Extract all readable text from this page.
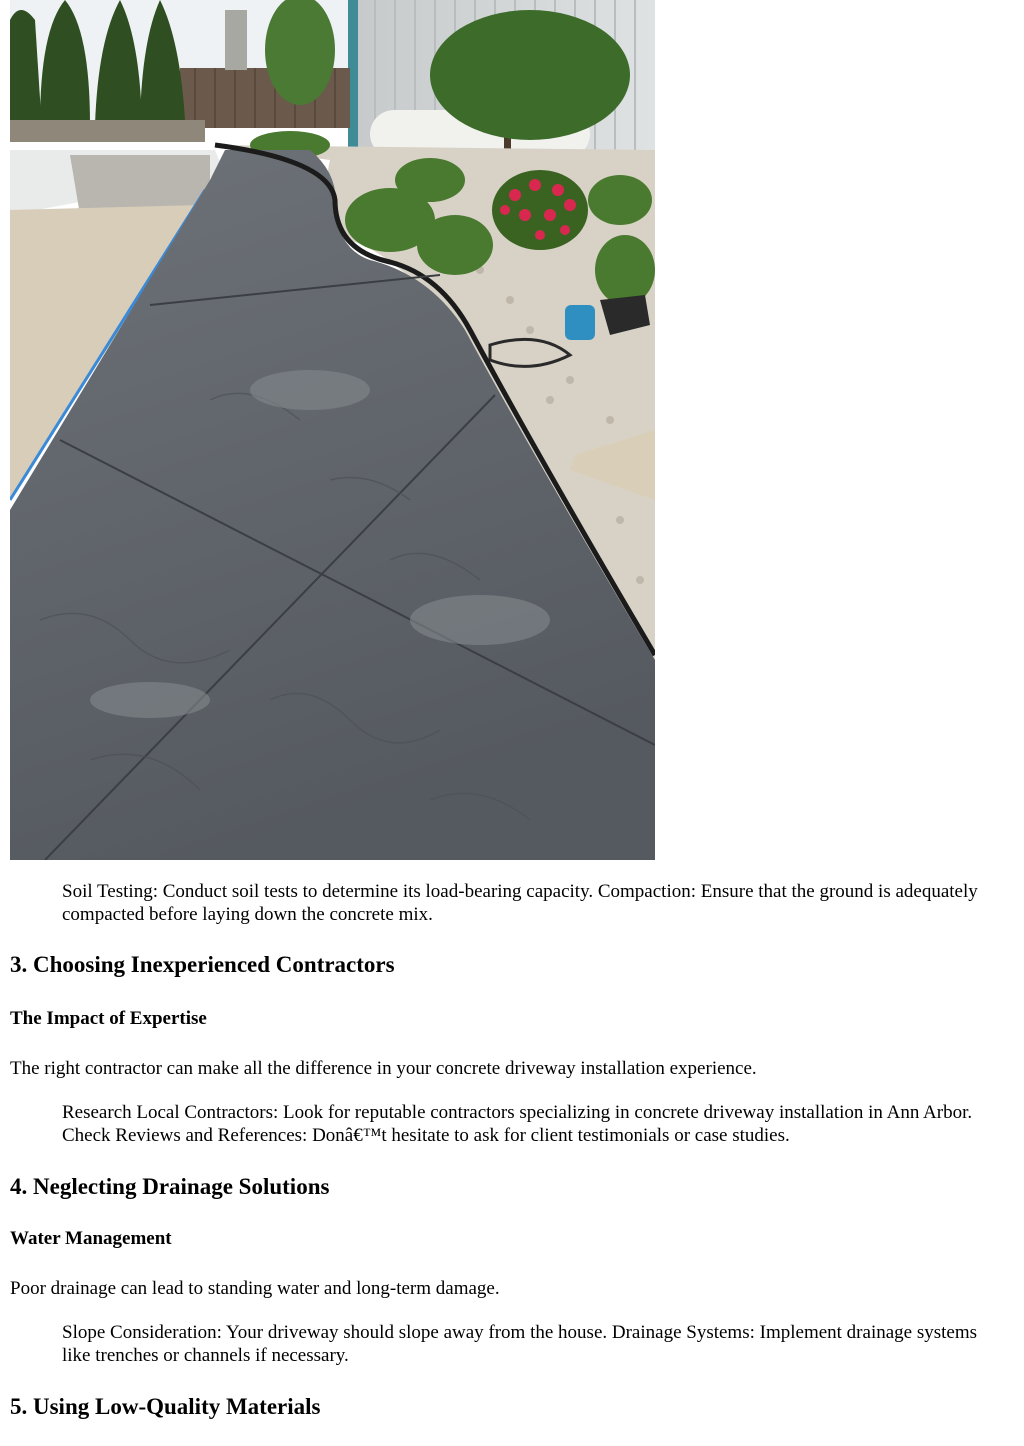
Soil Testing: Conduct soil tests to determine its load-bearing capacity. Compaction: Ensure that the ground is adequately compacted before laying down the concrete mix.

3. Choosing Inexperienced Contractors
The Impact of Expertise

The right contractor can make all the difference in your concrete driveway installation experience.

Research Local Contractors: Look for reputable contractors specializing in concrete driveway installation in Ann Arbor. Check Reviews and References: Donâ€™t hesitate to ask for client testimonials or case studies.

4. Neglecting Drainage Solutions
Water Management

Poor drainage can lead to standing water and long-term damage.

Slope Consideration: Your driveway should slope away from the house. Drainage Systems: Implement drainage systems like trenches or channels if necessary.

5. Using Low-Quality Materials
